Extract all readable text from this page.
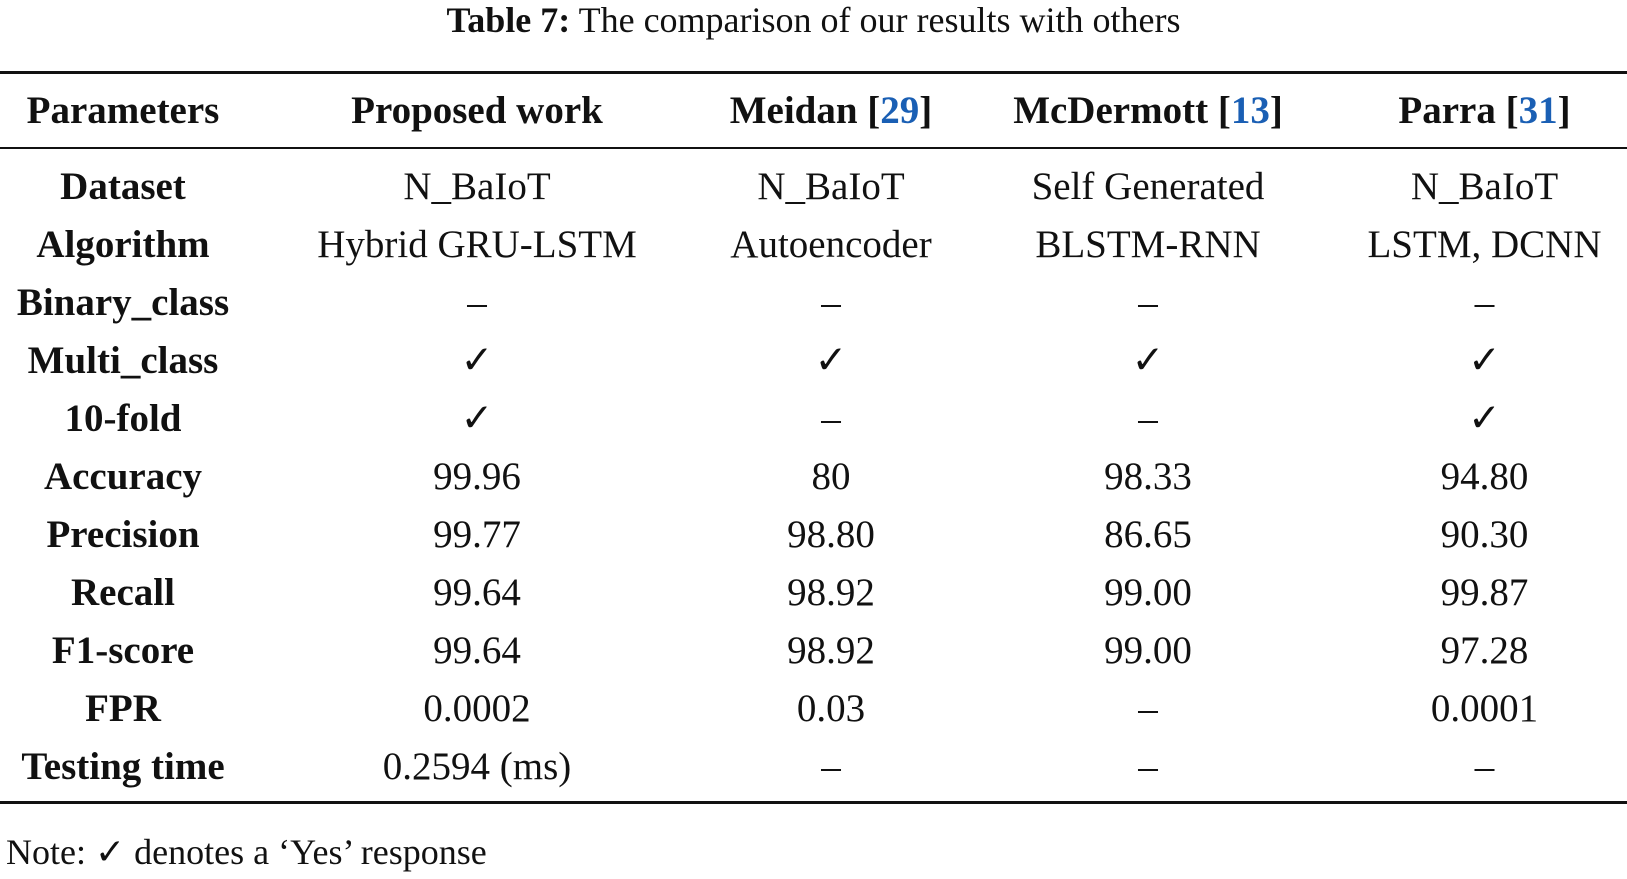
Table 7: The comparison of our results with others
Parameters	Proposed work	Meidan [29]	McDermott [13]	Parra [31]
Dataset	N_BaIoT	N_BaIoT	Self Generated	N_BaIoT
Algorithm	Hybrid GRU-LSTM	Autoencoder	BLSTM-RNN	LSTM, DCNN
Binary_class	–	–	–	–
Multi_class	✓	✓	✓	✓
10-fold	✓	–	–	✓
Accuracy	99.96	80	98.33	94.80
Precision	99.77	98.80	86.65	90.30
Recall	99.64	98.92	99.00	99.87
F1-score	99.64	98.92	99.00	97.28
FPR	0.0002	0.03	–	0.0001
Testing time	0.2594 (ms)	–	–	–
Note: ✓ denotes a ‘Yes’ response
